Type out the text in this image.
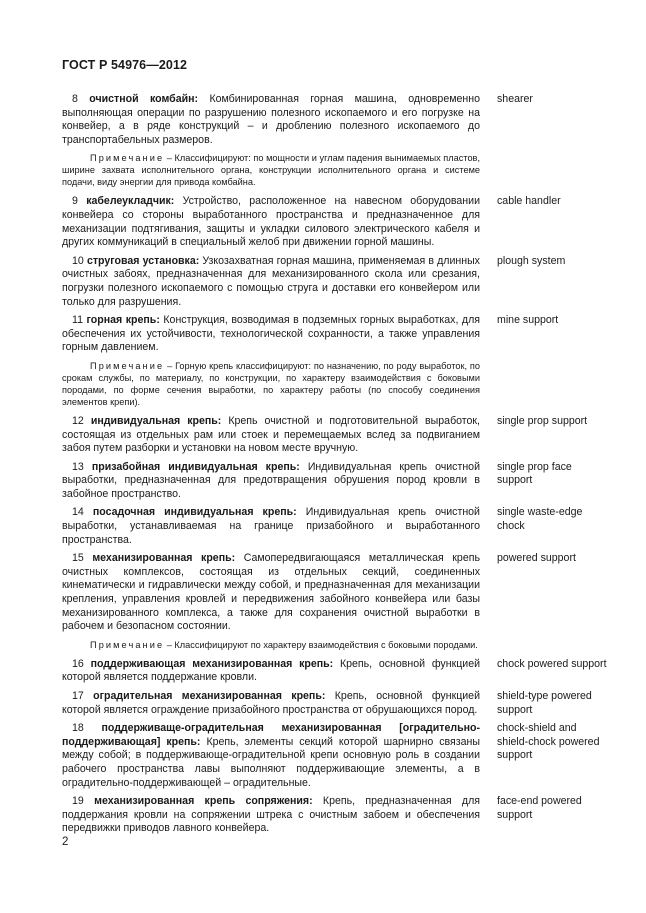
ГОСТ Р 54976—2012
8 очистной комбайн: Комбинированная горная машина, одновременно выполняющая операции по разрушению полезного ископаемого и его погрузке на конвейер, а в ряде конструкций – и дроблению полезного ископаемого до транспортабельных размеров.
shearer
Примечание – Классифицируют: по мощности и углам падения вынимаемых пластов, ширине захвата исполнительного органа, конструкции исполнительного органа и системе подачи, виду энергии для привода комбайна.
9 кабелеукладчик: Устройство, расположенное на навесном оборудовании конвейера со стороны выработанного пространства и предназначенное для механизации подтягивания, защиты и укладки силового электрического кабеля и других коммуникаций в специальный желоб при движении горной машины.
cable handler
10 струговая установка: Узкозахватная горная машина, применяемая в длинных очистных забоях, предназначенная для механизированного скола или срезания, погрузки полезного ископаемого с помощью струга и доставки его конвейером или только для разрушения.
plough system
11 горная крепь: Конструкция, возводимая в подземных горных выработках, для обеспечения их устойчивости, технологической сохранности, а также управления горным давлением.
mine support
Примечание – Горную крепь классифицируют: по назначению, по роду выработок, по срокам службы, по материалу, по конструкции, по характеру взаимодействия с боковыми породами, по форме сечения выработки, по характеру работы (по способу соединения элементов крепи).
12 индивидуальная крепь: Крепь очистной и подготовительной выработок, состоящая из отдельных рам или стоек и перемещаемых вслед за подвиганием забоя путем разборки и установки на новом месте вручную.
single prop support
13 призабойная индивидуальная крепь: Индивидуальная крепь очистной выработки, предназначенная для предотвращения обрушения пород кровли в забойное пространство.
single prop face support
14 посадочная индивидуальная крепь: Индивидуальная крепь очистной выработки, устанавливаемая на границе призабойного и выработанного пространства.
single waste-edge chock
15 механизированная крепь: Самопередвигающаяся металлическая крепь очистных комплексов, состоящая из отдельных секций, соединенных кинематически и гидравлически между собой, и предназначенная для механизации крепления, управления кровлей и передвижения забойного конвейера или базы механизированного комплекса, а также для сохранения очистной выработки в рабочем и безопасном состоянии.
powered support
Примечание – Классифицируют по характеру взаимодействия с боковыми породами.
16 поддерживающая механизированная крепь: Крепь, основной функцией которой является поддержание кровли.
chock powered support
17 оградительная механизированная крепь: Крепь, основной функцией которой является ограждение призабойного пространства от обрушающихся пород.
shield-type powered support
18 поддерживаще-оградительная механизированная [оградительно-поддерживающая] крепь: Крепь, элементы секций которой шарнирно связаны между собой; в поддерживающе-оградительной крепи основную роль в создании рабочего пространства лавы выполняют поддерживающие элементы, а в оградительно-поддерживающей – оградительные.
chock-shield and shield-chock powered support
19 механизированная крепь сопряжения: Крепь, предназначенная для поддержания кровли на сопряжении штрека с очистным забоем и обеспечения передвижки приводов лавного конвейера.
face-end powered support
2
